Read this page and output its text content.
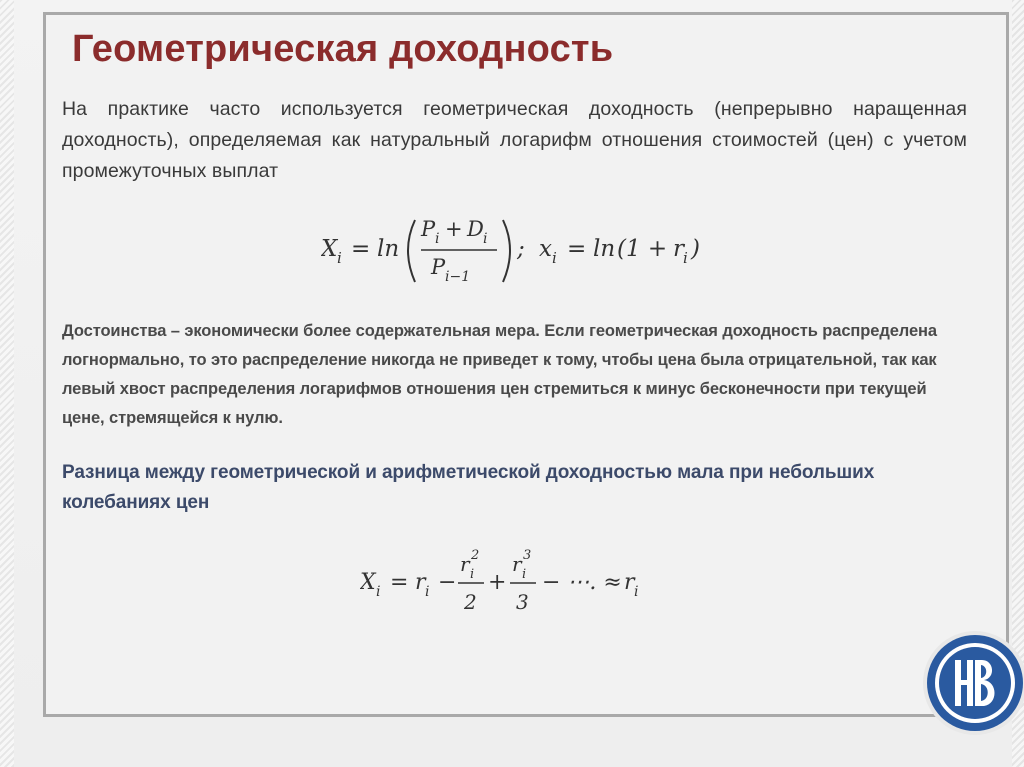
Геометрическая доходность

На практике часто используется геометрическая доходность (непрерывно наращенная доходность), определяемая как натуральный логарифм отношения стоимостей (цен) с учетом промежуточных выплат

X i = ln
P i + D i
P i−1
; x i = ln (1 +
r i )

Достоинства – экономически более содержательная мера. Если геометрическая доходность распределена логнормально, то это распределение никогда не приведет к тому, чтобы цена была отрицательной, так как левый хвост распределения логарифмов отношения цен стремиться к минус бесконечности при текущей цене, стремящейся к нулю.

Разница между геометрической и арифметической доходностью мала при небольших колебаниях цен

X i = r i −
r i
2
2
+
r i
3
3
− ⋯. ≈ r i
